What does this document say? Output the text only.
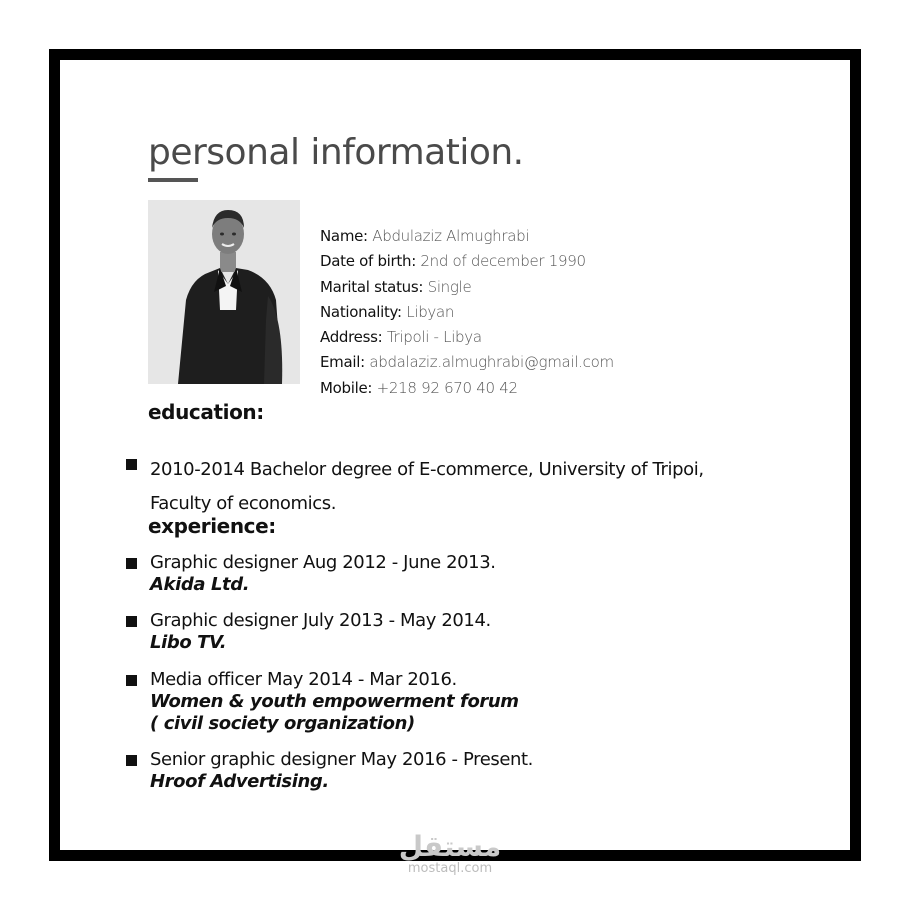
personal information.
Name: Abdulaziz Almughrabi
Date of birth: 2nd of december 1990
Marital status: Single
Nationality: Libyan
Address: Tripoli - Libya
Email: abdalaziz.almughrabi@gmail.com
Mobile: +218 92 670 40 42
education:
2010-2014 Bachelor degree of E-commerce, University of Tripoi,
Faculty of economics.
experience:
Graphic designer Aug 2012 - June 2013.
Akida Ltd.
Graphic designer July 2013 - May 2014.
Libo TV.
Media officer May 2014 - Mar 2016.
Women & youth empowerment forum
( civil society organization)
Senior graphic designer May 2016 - Present.
Hroof Advertising.
مستقل
mostaql.com
